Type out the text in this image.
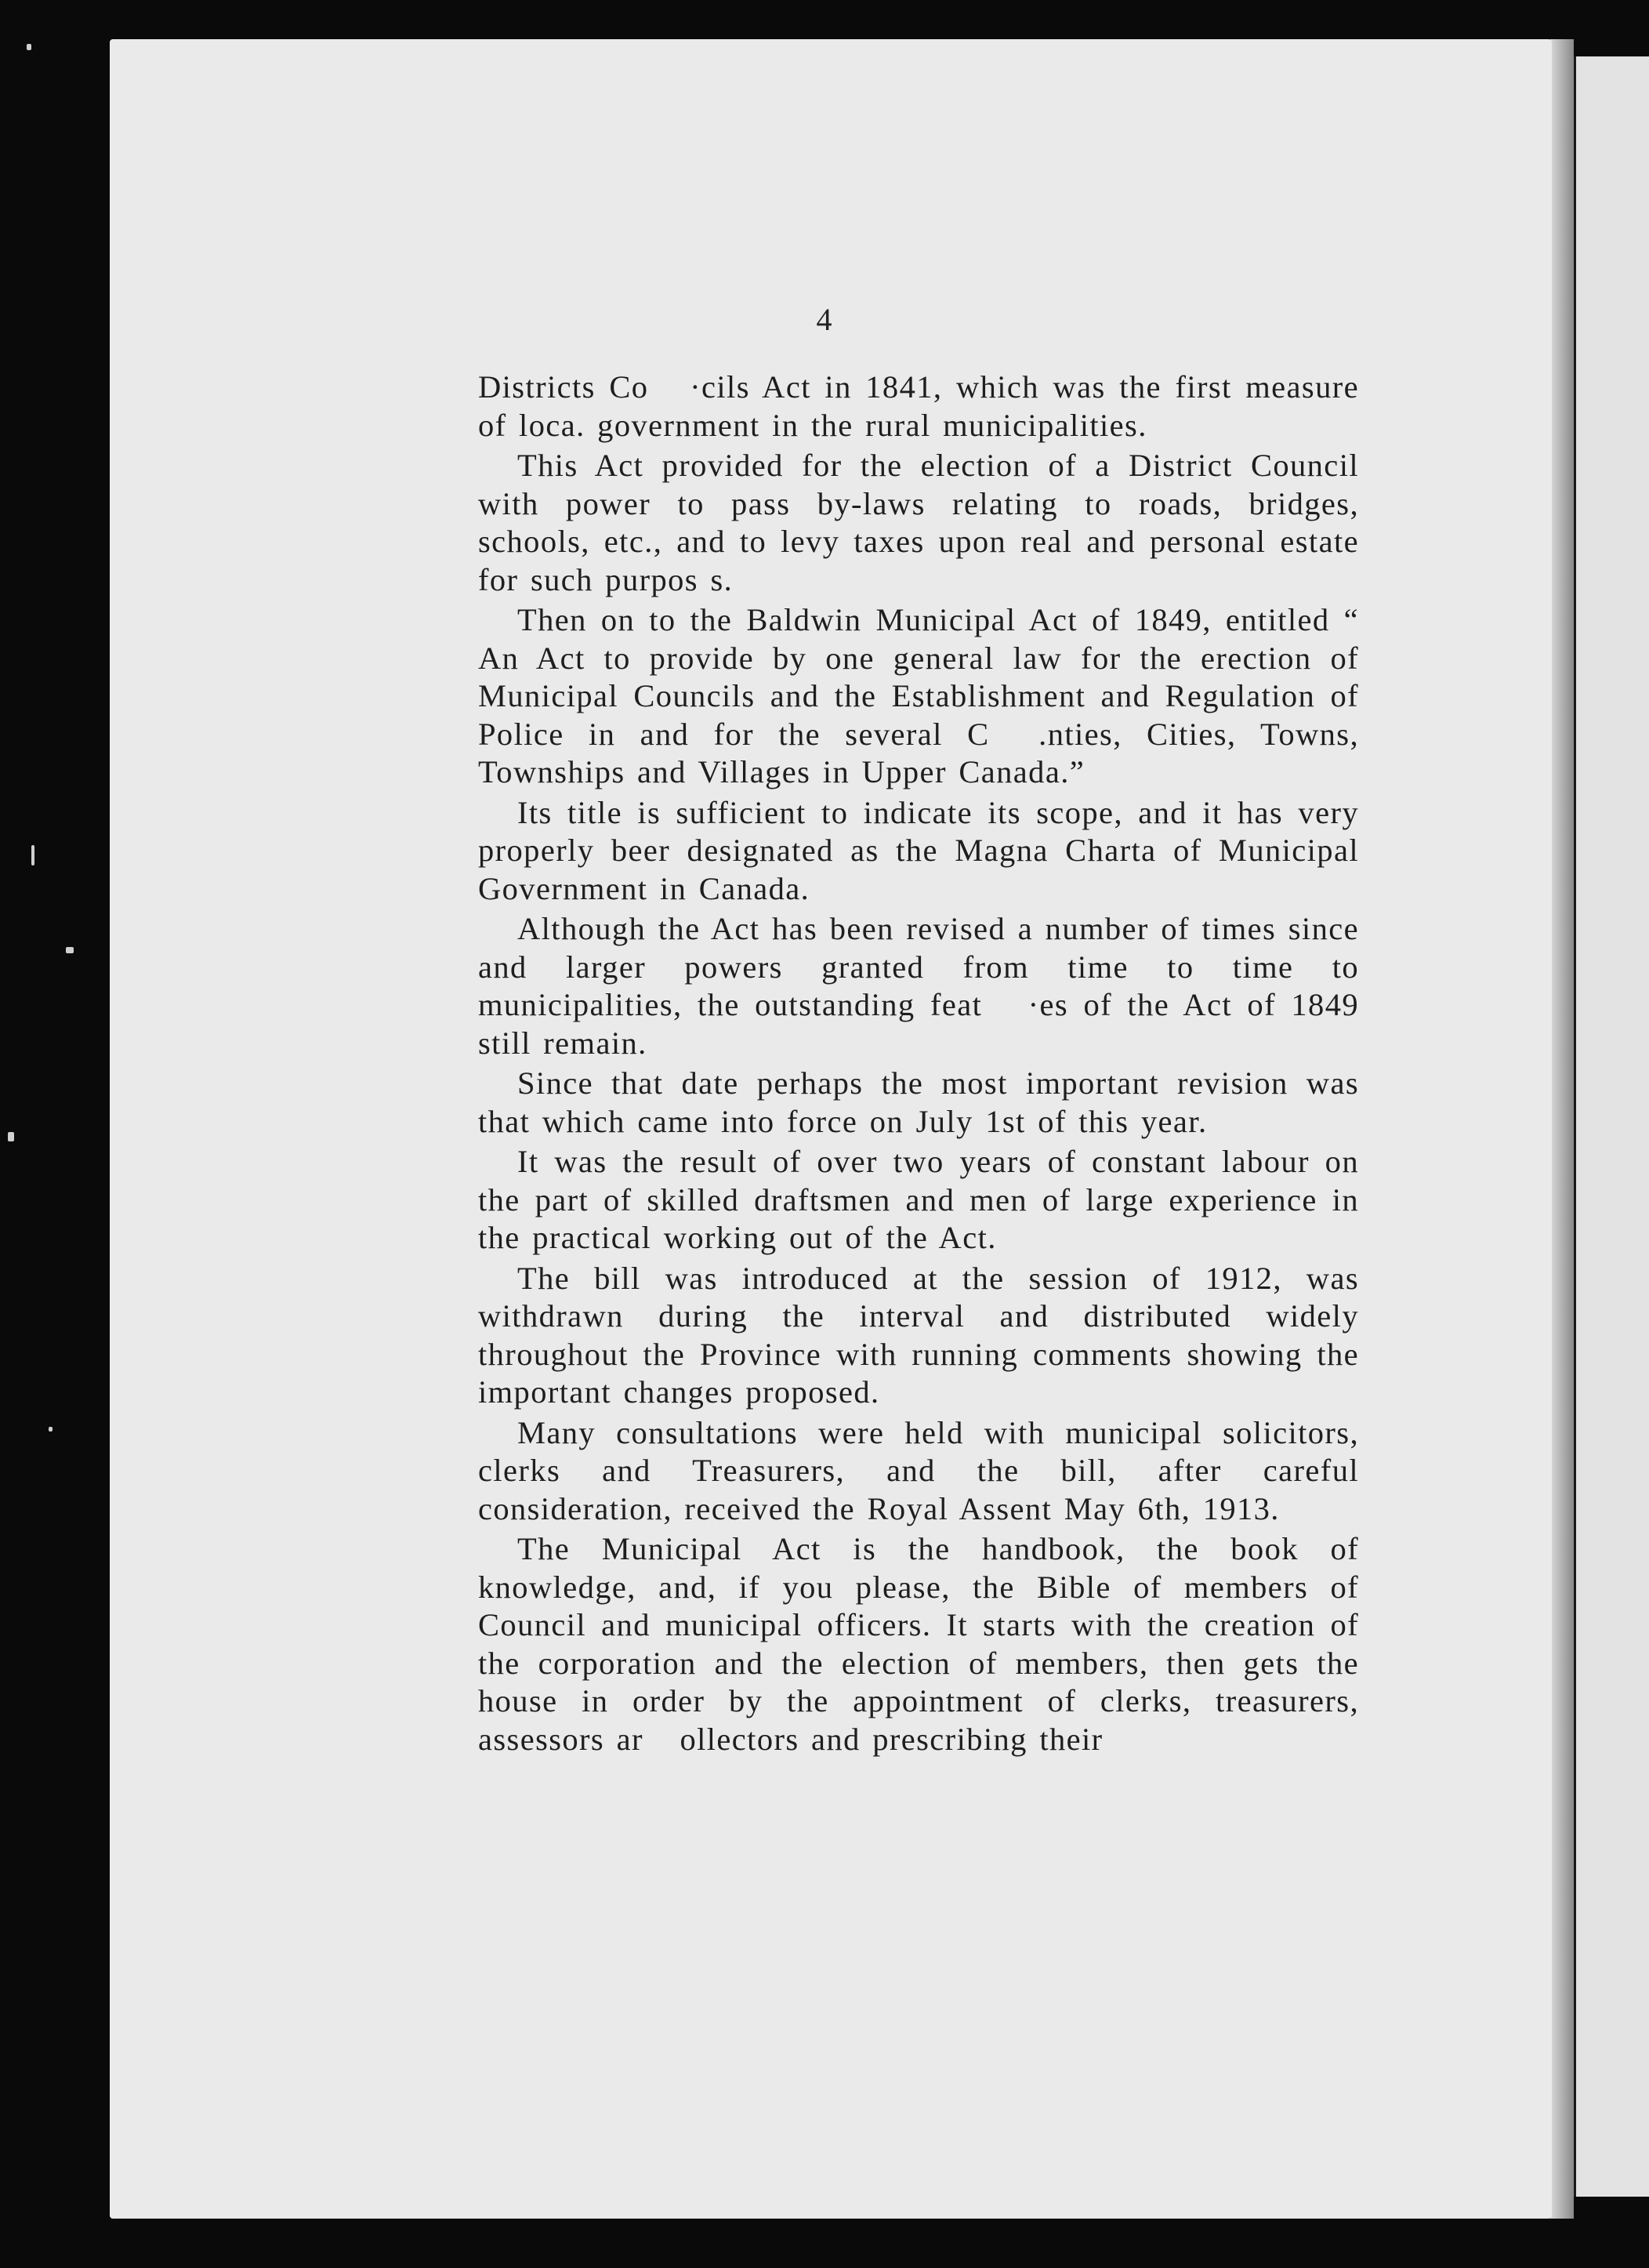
4

Districts Co   ·cils Act in 1841, which was the first measure of loca. government in the rural municipalities.

This Act provided for the election of a District Council with power to pass by-laws relating to roads, bridges, schools, etc., and to levy taxes upon real and personal estate for such purpos s.

Then on to the Baldwin Municipal Act of 1849, entitled “ An Act to provide by one general law for the erection of Municipal Councils and the Establishment and Regulation of Police in and for the several C  .nties, Cities, Towns, Townships and Villages in Upper Canada.”

Its title is sufficient to indicate its scope, and it has very properly beer designated as the Magna Charta of Municipal Government in Canada.

Although the Act has been revised a number of times since and larger powers granted from time to time to municipalities, the outstanding feat   ·es of the Act of 1849 still remain.

Since that date perhaps the most important revision was that which came into force on July 1st of this year.

It was the result of over two years of constant labour on the part of skilled draftsmen and men of large experience in the practical working out of the Act.

The bill was introduced at the session of 1912, was withdrawn during the interval and distributed widely throughout the Province with running comments showing the important changes proposed.

Many consultations were held with municipal solicitors, clerks and Treasurers, and the bill, after careful consideration, received the Royal Assent May 6th, 1913.

The Municipal Act is the handbook, the book of knowledge, and, if you please, the Bible of members of Council and municipal officers. It starts with the creation of the corporation and the election of members, then gets the house in order by the appointment of clerks, treasurers, assessors ar   ollectors and prescribing their
